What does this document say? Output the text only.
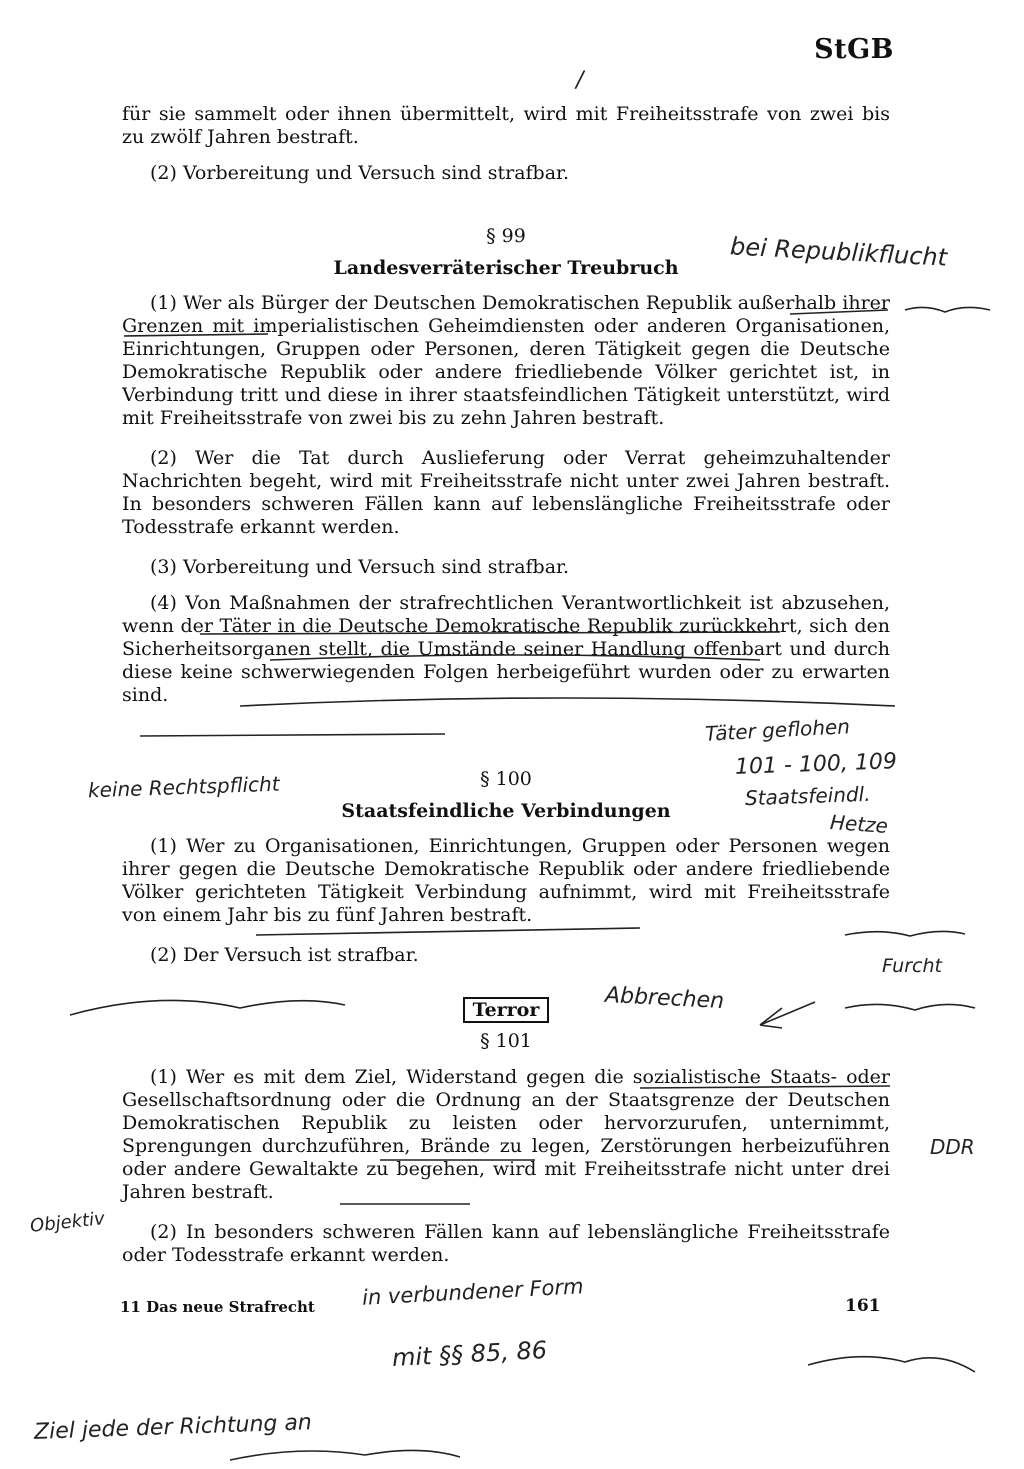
StGB
/

für sie sammelt oder ihnen übermittelt, wird mit Freiheitsstrafe von zwei bis zu zwölf Jahren bestraft.

(2) Vorbereitung und Versuch sind strafbar.

§ 99
Landesverräterischer Treubruch

(1) Wer als Bürger der Deutschen Demokratischen Republik außerhalb ihrer Grenzen mit imperialistischen Geheimdiensten oder anderen Organisationen, Einrichtungen, Gruppen oder Personen, deren Tätigkeit gegen die Deutsche Demokratische Republik oder andere friedliebende Völker gerichtet ist, in Verbindung tritt und diese in ihrer staatsfeindlichen Tätigkeit unterstützt, wird mit Freiheitsstrafe von zwei bis zu zehn Jahren bestraft.

(2) Wer die Tat durch Auslieferung oder Verrat geheimzuhaltender Nachrichten begeht, wird mit Freiheitsstrafe nicht unter zwei Jahren bestraft. In besonders schweren Fällen kann auf lebenslängliche Freiheitsstrafe oder Todesstrafe erkannt werden.

(3) Vorbereitung und Versuch sind strafbar.

(4) Von Maßnahmen der strafrechtlichen Verantwortlichkeit ist abzusehen, wenn der Täter in die Deutsche Demokratische Republik zurückkehrt, sich den Sicherheitsorganen stellt, die Umstände seiner Handlung offenbart und durch diese keine schwerwiegenden Folgen herbeigeführt wurden oder zu erwarten sind.

§ 100
Staatsfeindliche Verbindungen

(1) Wer zu Organisationen, Einrichtungen, Gruppen oder Personen wegen ihrer gegen die Deutsche Demokratische Republik oder andere friedliebende Völker gerichteten Tätigkeit Verbindung aufnimmt, wird mit Freiheitsstrafe von einem Jahr bis zu fünf Jahren bestraft.

(2) Der Versuch ist strafbar.

Terror
§ 101

(1) Wer es mit dem Ziel, Widerstand gegen die sozialistische Staats- oder Gesellschaftsordnung oder die Ordnung an der Staatsgrenze der Deutschen Demokratischen Republik zu leisten oder hervorzurufen, unternimmt, Sprengungen durchzuführen, Brände zu legen, Zerstörungen herbeizuführen oder andere Gewaltakte zu begehen, wird mit Freiheitsstrafe nicht unter drei Jahren bestraft.

(2) In besonders schweren Fällen kann auf lebenslängliche Freiheitsstrafe oder Todesstrafe erkannt werden.

11 Das neue Strafrecht	161
bei Republikflucht
Täter geflohen
101 - 100, 109
Staatsfeindl.
Hetze
keine Rechtspflicht
Furcht
Abbrechen
DDR
Objektiv
in verbundener Form
mit §§ 85, 86
Ziel jede der Richtung an
